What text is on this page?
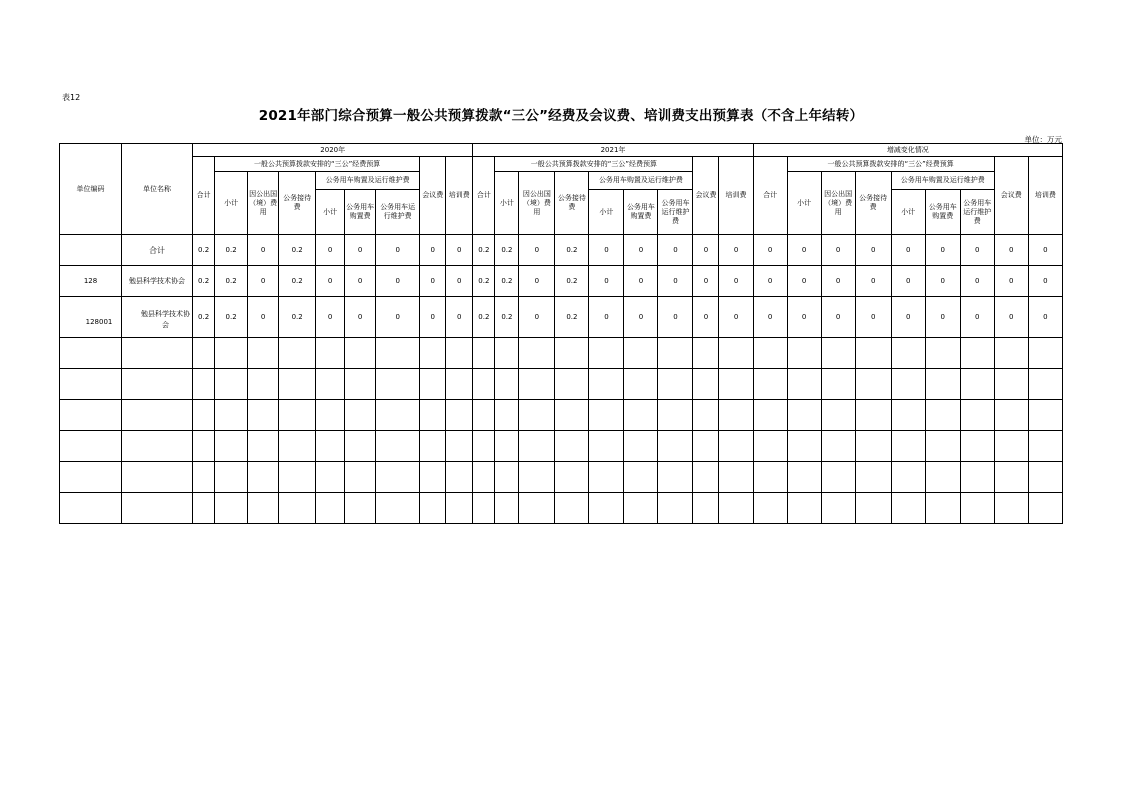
表12
2021年部门综合预算一般公共预算拨款“三公”经费及会议费、培训费支出预算表（不含上年结转）
单位：万元
单位编码	单位名称	2020年									2021年									增减变化情况								
		合计	一般公共预算拨款安排的“三公”经费预算						会议费	培训费	合计	一般公共预算拨款安排的“三公”经费预算						会议费	培训费	合计	一般公共预算拨款安排的“三公”经费预算						会议费	培训费
			小计	因公出国（境）费用	公务接待费	公务用车购置及运行维护费						小计	因公出国（境）费用	公务接待费	公务用车购置及运行维护费						小计	因公出国（境）费用	公务接待费	公务用车购置及运行维护费				
						小计	公务用车购置费	公务用车运行维护费							小计	公务用车购置费	公务用车运行维护费							小计	公务用车购置费	公务用车运行维护费		
	合计	0.2	0.2	0	0.2	0	0	0	0	0	0.2	0.2	0	0.2	0	0	0	0	0	0	0	0	0	0	0	0	0	0
128	勉县科学技术协会	0.2	0.2	0	0.2	0	0	0	0	0	0.2	0.2	0	0.2	0	0	0	0	0	0	0	0	0	0	0	0	0	0
128001	勉县科学技术协会	0.2	0.2	0	0.2	0	0	0	0	0	0.2	0.2	0	0.2	0	0	0	0	0	0	0	0	0	0	0	0	0	0
